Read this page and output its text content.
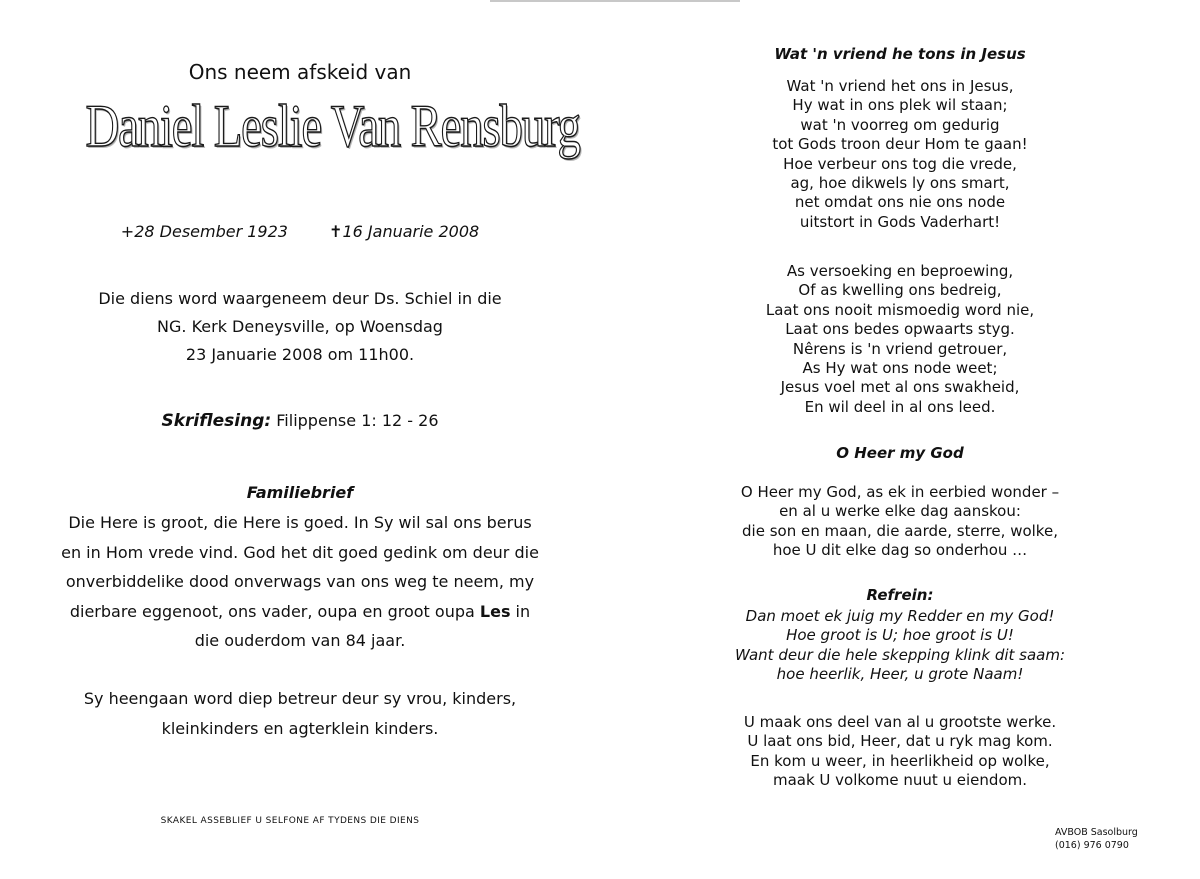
Ons neem afskeid van
Daniel Leslie Van Rensburg
+28 Desember 1923	✝16 Januarie 2008
Die diens word waargeneem deur Ds. Schiel in die
NG. Kerk Deneysville, op Woensdag
23 Januarie 2008 om 11h00.
Skriflesing: Filippense 1: 12 - 26
Familiebrief
Die Here is groot, die Here is goed. In Sy wil sal ons berus
en in Hom vrede vind. God het dit goed gedink om deur die
onverbiddelike dood onverwags van ons weg te neem, my
dierbare eggenoot, ons vader, oupa en groot oupa Les in
die ouderdom van 84 jaar.
Sy heengaan word diep betreur deur sy vrou, kinders,
kleinkinders en agterklein kinders.
SKAKEL ASSEBLIEF U SELFONE AF TYDENS DIE DIENS
Wat 'n vriend he tons in Jesus
Wat 'n vriend het ons in Jesus,
Hy wat in ons plek wil staan;
wat 'n voorreg om gedurig
tot Gods troon deur Hom te gaan!
Hoe verbeur ons tog die vrede,
ag, hoe dikwels ly ons smart,
net omdat ons nie ons node
uitstort in Gods Vaderhart!
As versoeking en beproewing,
Of as kwelling ons bedreig,
Laat ons nooit mismoedig word nie,
Laat ons bedes opwaarts styg.
Nêrens is 'n vriend getrouer,
As Hy wat ons node weet;
Jesus voel met al ons swakheid,
En wil deel in al ons leed.
O Heer my God
O Heer my God, as ek in eerbied wonder –
en al u werke elke dag aanskou:
die son en maan, die aarde, sterre, wolke,
hoe U dit elke dag so onderhou …
Refrein:
Dan moet ek juig my Redder en my God!
Hoe groot is U; hoe groot is U!
Want deur die hele skepping klink dit saam:
hoe heerlik, Heer, u grote Naam!
U maak ons deel van al u grootste werke.
U laat ons bid, Heer, dat u ryk mag kom.
En kom u weer, in heerlikheid op wolke,
maak U volkome nuut u eiendom.
AVBOB Sasolburg
(016) 976 0790
